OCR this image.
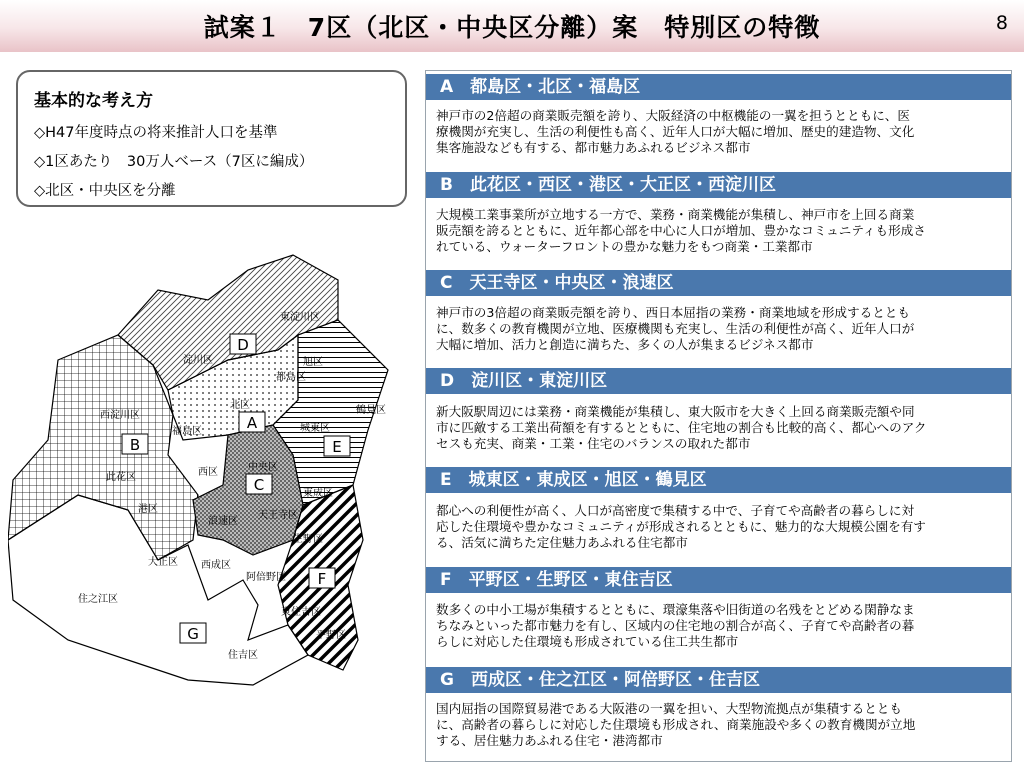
試案１　7区（北区・中央区分離）案　特別区の特徴	8
基本的な考え方
◇H47年度時点の将来推計人口を基準
◇1区あたり　30万人ベース（7区に編成）
◇北区・中央区を分離
東淀川区
淀川区	旭区
都島区
北区	鶴見区
西淀川区
福島区	城東区
此花区	西区	中央区
東成区
港区
浪速区
天王寺区
生野区
大正区 西成区
阿倍野区
東住吉区
住之江区
平野区
住吉区
A
B
C
D
E
F
G
A　都島区・北区・福島区
神戸市の2倍超の商業販売額を誇り、大阪経済の中枢機能の一翼を担うとともに、医
療機関が充実し、生活の利便性も高く、近年人口が大幅に増加、歴史的建造物、文化
集客施設なども有する、都市魅力あふれるビジネス都市
B　此花区・西区・港区・大正区・西淀川区
大規模工業事業所が立地する一方で、業務・商業機能が集積し、神戸市を上回る商業
販売額を誇るとともに、近年都心部を中心に人口が増加、豊かなコミュニティも形成さ
れている、ウォーターフロントの豊かな魅力をもつ商業・工業都市
C　天王寺区・中央区・浪速区
神戸市の3倍超の商業販売額を誇り、西日本屈指の業務・商業地域を形成するととも
に、数多くの教育機関が立地、医療機関も充実し、生活の利便性が高く、近年人口が
大幅に増加、活力と創造に満ちた、多くの人が集まるビジネス都市
D　淀川区・東淀川区
新大阪駅周辺には業務・商業機能が集積し、東大阪市を大きく上回る商業販売額や同
市に匹敵する工業出荷額を有するとともに、住宅地の割合も比較的高く、都心へのアク
セスも充実、商業・工業・住宅のバランスの取れた都市
E　城東区・東成区・旭区・鶴見区
都心への利便性が高く、人口が高密度で集積する中で、子育てや高齢者の暮らしに対
応した住環境や豊かなコミュニティが形成されるとともに、魅力的な大規模公園を有す
る、活気に満ちた定住魅力あふれる住宅都市
F　平野区・生野区・東住吉区
数多くの中小工場が集積するとともに、環濠集落や旧街道の名残をとどめる閑静なま
ちなみといった都市魅力を有し、区域内の住宅地の割合が高く、子育てや高齢者の暮
らしに対応した住環境も形成されている住工共生都市
G　西成区・住之江区・阿倍野区・住吉区
国内屈指の国際貿易港である大阪港の一翼を担い、大型物流拠点が集積するととも
に、高齢者の暮らしに対応した住環境も形成され、商業施設や多くの教育機関が立地
する、居住魅力あふれる住宅・港湾都市
